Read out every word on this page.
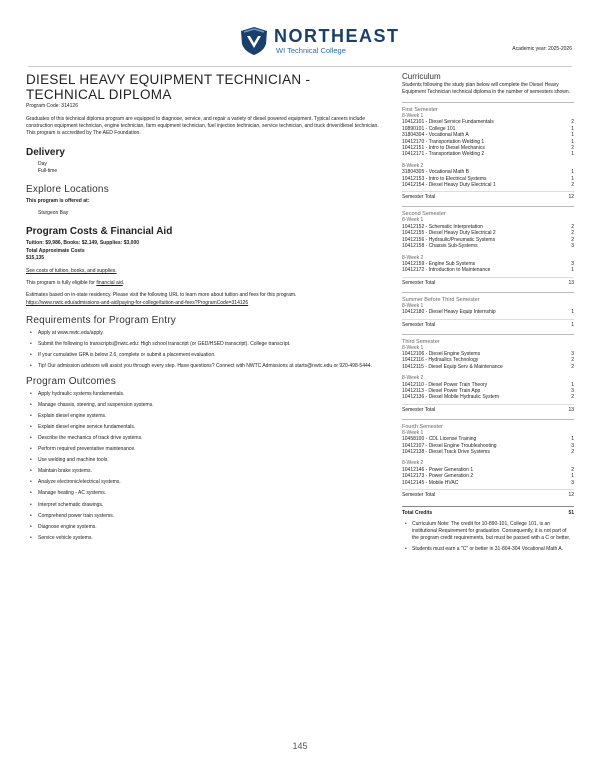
NORTHEAST
WI Technical College	Academic year: 2025-2026
DIESEL HEAVY EQUIPMENT TECHNICIAN - TECHNICAL DIPLOMA
Program Code: 314126
Graduates of this technical diploma program are equipped to diagnose, service, and repair a variety of diesel powered equipment. Typical careers include construction equipment technician, engine technician, farm equipment technician, fuel injection technician, service technician, and truck driver/diesel technician. This program is accredited by The AED Foundation.
Delivery
Day
Full-time
Explore Locations
This program is offered at:
Sturgeon Bay
Program Costs & Financial Aid
Tuition: $9,986, Books: $2,149, Supplies: $3,000
Total Approximate Costs
$15,135
See costs of tuition, books, and supplies.
This program is fully eligible for financial aid.
Estimates based on in-state residency. Please visit the following URL to learn more about tuition and fees for this program.
https://www.nwtc.edu/admissions-and-aid/paying-for-college/tuition-and-fees?ProgramCode=314126
Requirements for Program Entry
• Apply at www.nwtc.edu/apply.
• Submit the following to transcripts@nwtc.edu: High school transcript (or GED/HSED transcript). College transcript.
• If your cumulative GPA is below 2.6, complete or submit a placement evaluation.
• Tip! Our admission advisors will assist you through every step. Have questions? Connect with NWTC Admissions at starts@nwtc.edu or 920-498-5444.
Program Outcomes
• Apply hydraulic systems fundamentals.
• Manage chassis, steering, and suspension systems.
• Explain diesel engine systems.
• Explain diesel engine service fundamentals.
• Describe the mechanics of track drive systems.
• Perform required preventative maintenance.
• Use welding and machine tools.
• Maintain brake systems.
• Analyze electronic/electrical systems.
• Manage heating - AC systems.
• Interpret schematic drawings.
• Comprehend power train systems.
• Diagnose engine systems.
• Service vehicle systems.
Curriculum
Students following the study plan below will complete the Diesel Heavy Equipment Technician technical diploma in the number of semesters shown.
First Semester
8-Week 1
10412101 - Diesel Service Fundamentals	2
10890101 - College 101	1
31804304 - Vocational Math A	1
10412170 - Transportation Welding 1	1
10412151 - Intro to Diesel Mechanics	2
10412171 - Transportation Welding 2	1
8-Week 2
31804305 - Vocational Math B	1
10412153 - Intro to Electrical Systems	1
10412154 - Diesel Heavy Duty Electrical 1	2
Semester Total	12
Second Semester
8-Week 1
10412152 - Schematic Interpretation	2
10412155 - Diesel Heavy Duty Electrical 2	2
10412156 - Hydraulic/Pneumatic Systems	2
10412158 - Chassis Sub-Systems	3
8-Week 2
10412159 - Engine Sub Systems	3
10412172 - Introduction to Maintenance	1
Semester Total	13
Summer Before Third Semester
8-Week 1
10412180 - Diesel Heavy Equip Internship	1
Semester Total	1
Third Semester
8-Week 1
10412106 - Diesel Engine Systems	3
10412116 - Hydraulics Technology	2
10412115 - Diesel Equip Serv & Maintenance	2
8-Week 2
10412110 - Diesel Power Train Theory	1
10412113 - Diesel Power Train App	3
10412136 - Diesel Mobile Hydraulic System	2
Semester Total	13
Fourth Semester
8-Week 1
10458100 - CDL License Training	1
10412107 - Diesel Engine Troubleshooting	3
10412138 - Diesel Track Drive Systems	2
8-Week 2
10412146 - Power Generation 1	2
10412173 - Power Generation 2	1
10412145 - Mobile HVAC	3
Semester Total	12
Total Credits	51
• Curriculum Note: The credit for 10-890-101, College 101, is an institutional Requirement for graduation. Consequently, it is not part of the program credit requirements, but must be passed with a C or better.
• Students must earn a "C" or better in 31-804-304 Vocational Math A.
145
